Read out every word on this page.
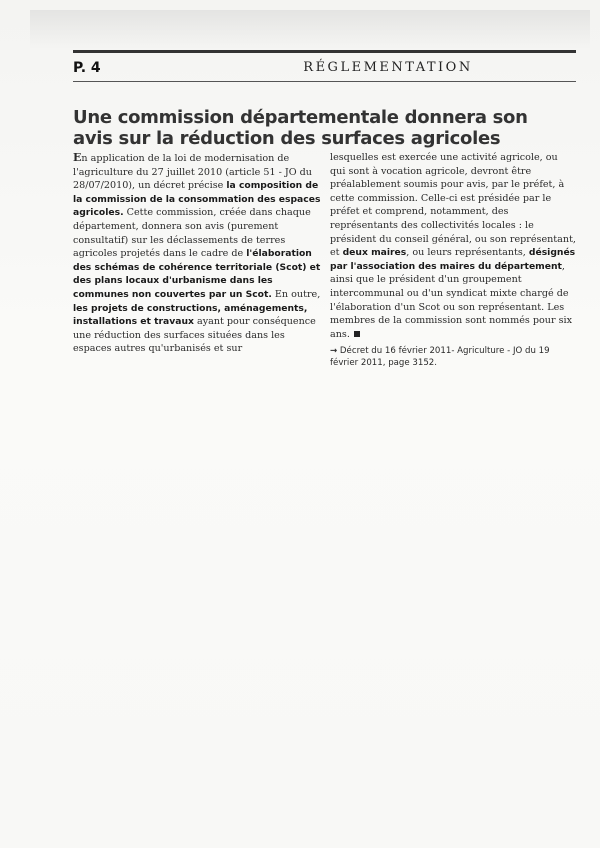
P. 4	RÉGLEMENTATION
Une commission départementale donnera son avis sur la réduction des surfaces agricoles
En application de la loi de modernisation de l'agriculture du 27 juillet 2010 (article 51 - JO du 28/07/2010), un décret précise la composition de la commission de la consommation des espaces agricoles. Cette commission, créée dans chaque département, donnera son avis (purement consultatif) sur les déclassements de terres agricoles projetés dans le cadre de l'élaboration des schémas de cohérence territoriale (Scot) et des plans locaux d'urbanisme dans les communes non couvertes par un Scot. En outre, les projets de constructions, aménagements, installations et travaux ayant pour conséquence une réduction des surfaces situées dans les espaces autres qu'urbanisés et sur
lesquelles est exercée une activité agricole, ou qui sont à vocation agricole, devront être préalablement soumis pour avis, par le préfet, à cette commission. Celle-ci est présidée par le préfet et comprend, notamment, des représentants des collectivités locales : le président du conseil général, ou son représentant, et deux maires, ou leurs représentants, désignés par l'association des maires du département, ainsi que le président d'un groupement intercommunal ou d'un syndicat mixte chargé de l'élaboration d'un Scot ou son représentant. Les membres de la commission sont nommés pour six ans.
→ Décret du 16 février 2011- Agriculture - JO du 19 février 2011, page 3152.
